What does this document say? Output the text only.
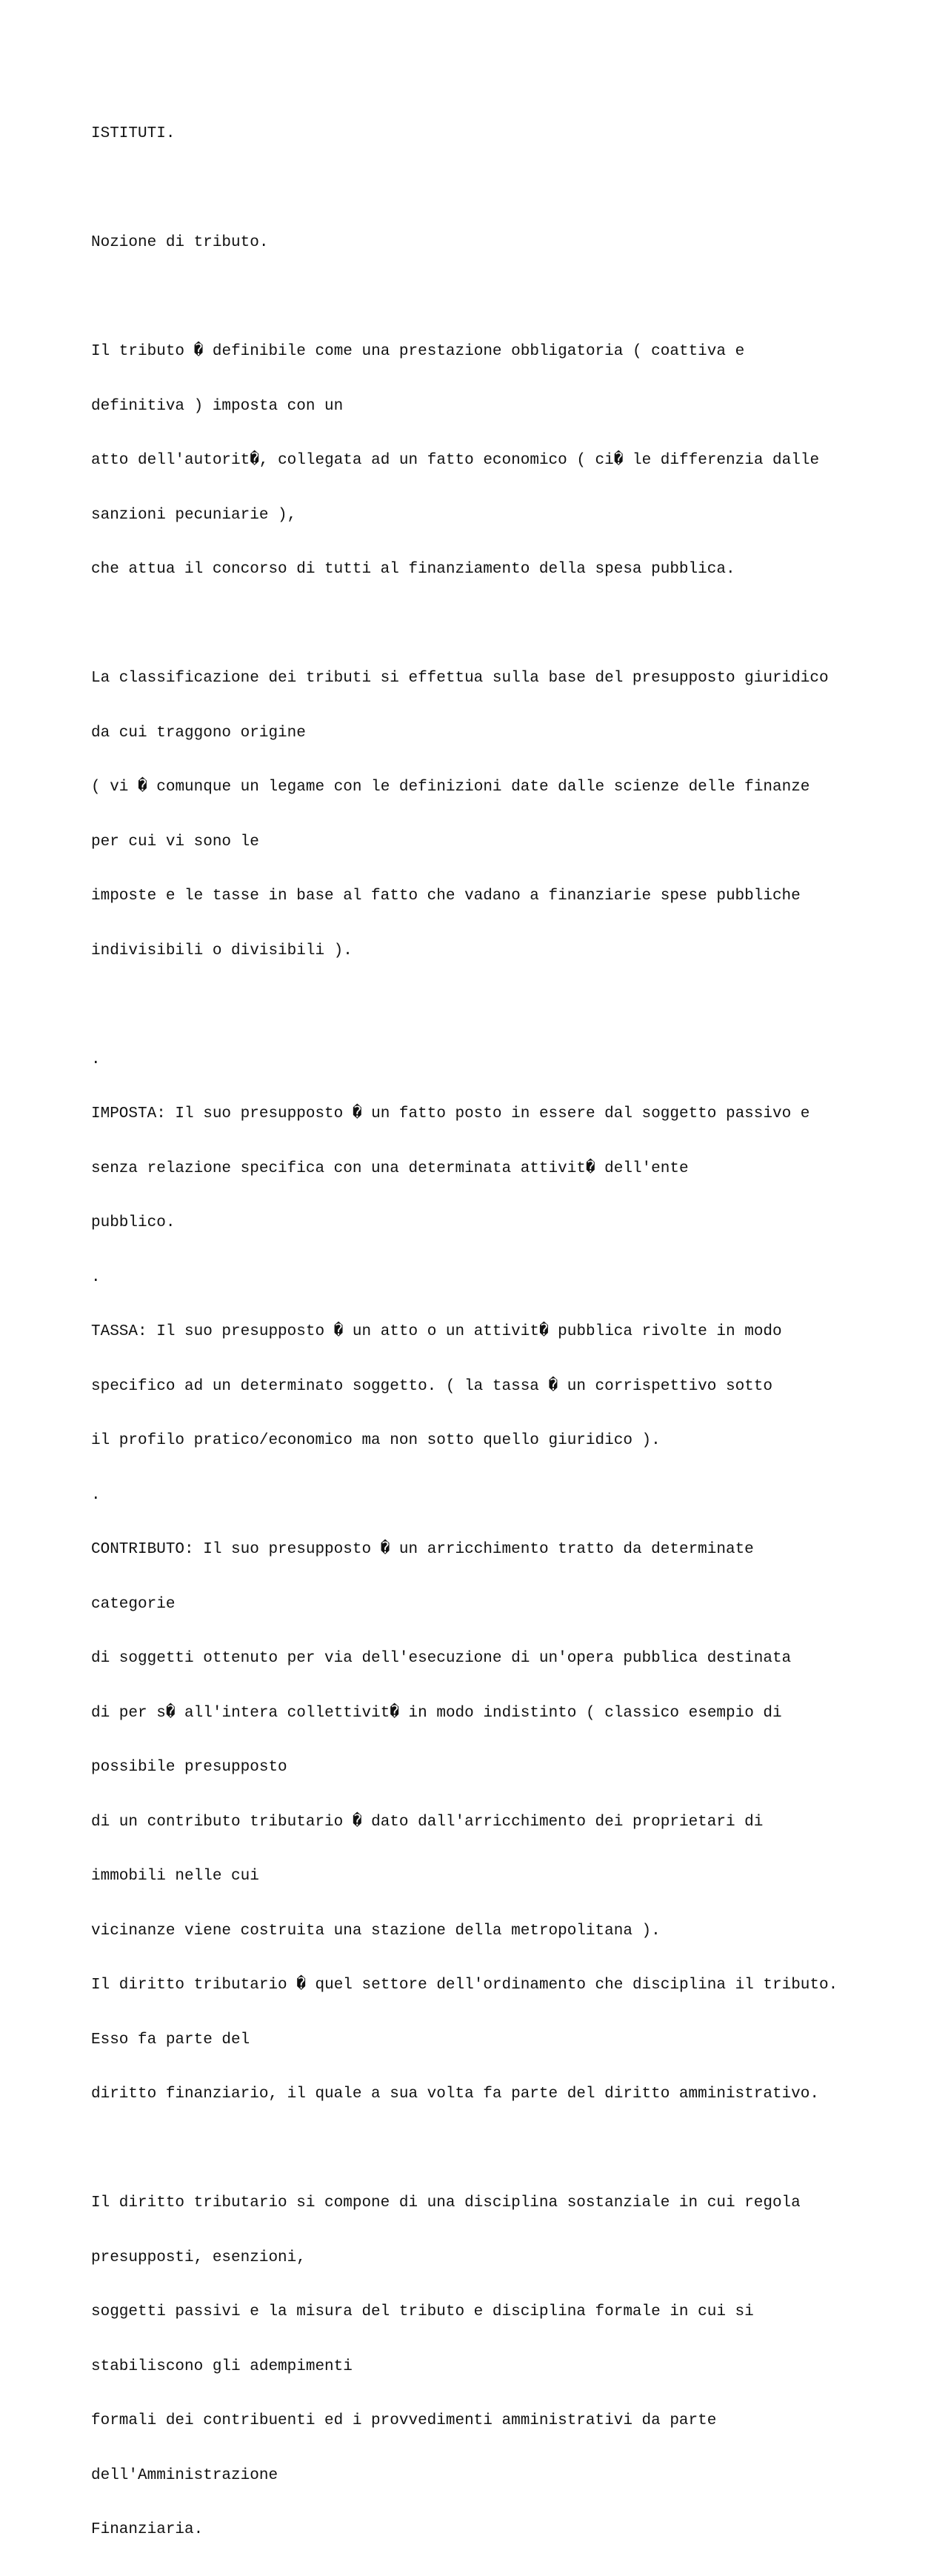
ISTITUTI.

Nozione di tributo.

Il tributo � definibile come una prestazione obbligatoria ( coattiva e

definitiva ) imposta con un

atto dell'autorit�, collegata ad un fatto economico ( ci� le differenzia dalle

sanzioni pecuniarie ),

che attua il concorso di tutti al finanziamento della spesa pubblica.

La classificazione dei tributi si effettua sulla base del presupposto giuridico

da cui traggono origine

( vi � comunque un legame con le definizioni date dalle scienze delle finanze

per cui vi sono le

imposte e le tasse in base al fatto che vadano a finanziarie spese pubbliche

indivisibili o divisibili ).

.

IMPOSTA: Il suo presupposto � un fatto posto in essere dal soggetto passivo e

senza relazione specifica con una determinata attivit� dell'ente

pubblico.

.

TASSA: Il suo presupposto � un atto o un attivit� pubblica rivolte in modo

specifico ad un determinato soggetto. ( la tassa � un corrispettivo sotto

il profilo pratico/economico ma non sotto quello giuridico ).

.

CONTRIBUTO: Il suo presupposto � un arricchimento tratto da determinate

categorie

di soggetti ottenuto per via dell'esecuzione di un'opera pubblica destinata

di per s� all'intera collettivit� in modo indistinto ( classico esempio di

possibile presupposto

di un contributo tributario � dato dall'arricchimento dei proprietari di

immobili nelle cui

vicinanze viene costruita una stazione della metropolitana ).

Il diritto tributario � quel settore dell'ordinamento che disciplina il tributo.

Esso fa parte del

diritto finanziario, il quale a sua volta fa parte del diritto amministrativo.

Il diritto tributario si compone di una disciplina sostanziale in cui regola

presupposti, esenzioni,

soggetti passivi e la misura del tributo e disciplina formale in cui si

stabiliscono gli adempimenti

formali dei contribuenti ed i provvedimenti amministrativi da parte

dell'Amministrazione

Finanziaria.
